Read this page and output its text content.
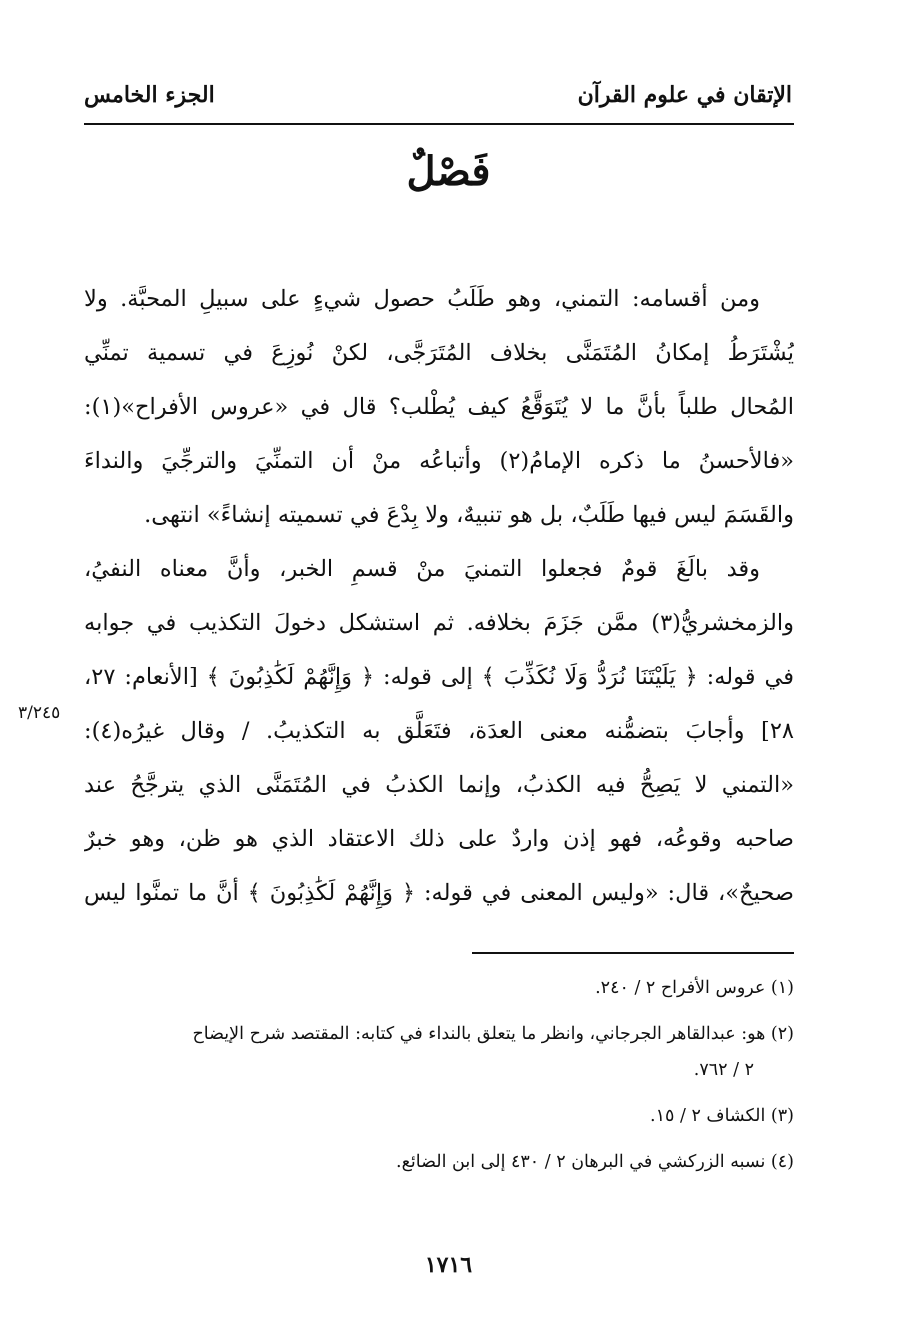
الإتقان في علوم القرآن
الجزء الخامس
فَصْلٌ
ومن أقسامه: التمني، وهو طَلَبُ حصول شيءٍ على سبيلِ المحبَّة. ولا
يُشْتَرَطُ إمكانُ المُتَمَنَّى بخلاف المُتَرَجَّى، لكنْ نُوزِعَ في تسمية تمنِّي
المُحال طلباً بأنَّ ما لا يُتَوَقَّعُ كيف يُطْلب؟ قال في «عروس الأفراح»(١):
«فالأحسنُ ما ذكره الإمامُ(٢) وأتباعُه منْ أن التمنِّيَ والترجِّيَ والنداءَ
والقَسَمَ ليس فيها طَلَبٌ، بل هو تنبيهٌ، ولا بِدْعَ في تسميته إنشاءً» انتهى.
وقد بالَغَ قومٌ فجعلوا التمنيَ منْ قسمِ الخبر، وأنَّ معناه النفيُ،
والزمخشريُّ(٣) ممَّن جَزَمَ بخلافه. ثم استشكل دخولَ التكذيب في جوابه
في قوله: ﴿ يَلَيْتَنَا نُرَدُّ وَلَا نُكَذِّبَ ﴾ إلى قوله: ﴿ وَإِنَّهُمْ لَكَٰذِبُونَ ﴾ [الأنعام: ٢٧،
٢٨] وأجابَ بتضمُّنه معنى العدَة، فتَعَلَّق به التكذيبُ. / وقال غيرُه(٤):
«التمني لا يَصِحُّ فيه الكذبُ، وإنما الكذبُ في المُتَمَنَّى الذي يترجَّحُ عند
صاحبه وقوعُه، فهو إذن واردٌ على ذلك الاعتقاد الذي هو ظن، وهو خبرٌ
صحيحٌ»، قال: «وليس المعنى في قوله: ﴿ وَإِنَّهُمْ لَكَٰذِبُونَ ﴾ أنَّ ما تمنَّوا ليس
٣/٢٤٥
(١) عروس الأفراح ٢ / ٢٤٠.
(٢) هو: عبدالقاهر الجرجاني، وانظر ما يتعلق بالنداء في كتابه: المقتصد شرح الإيضاح
٢ / ٧٦٢.
(٣) الكشاف ٢ / ١٥.
(٤) نسبه الزركشي في البرهان ٢ / ٤٣٠ إلى ابن الضائع.
١٧١٦
